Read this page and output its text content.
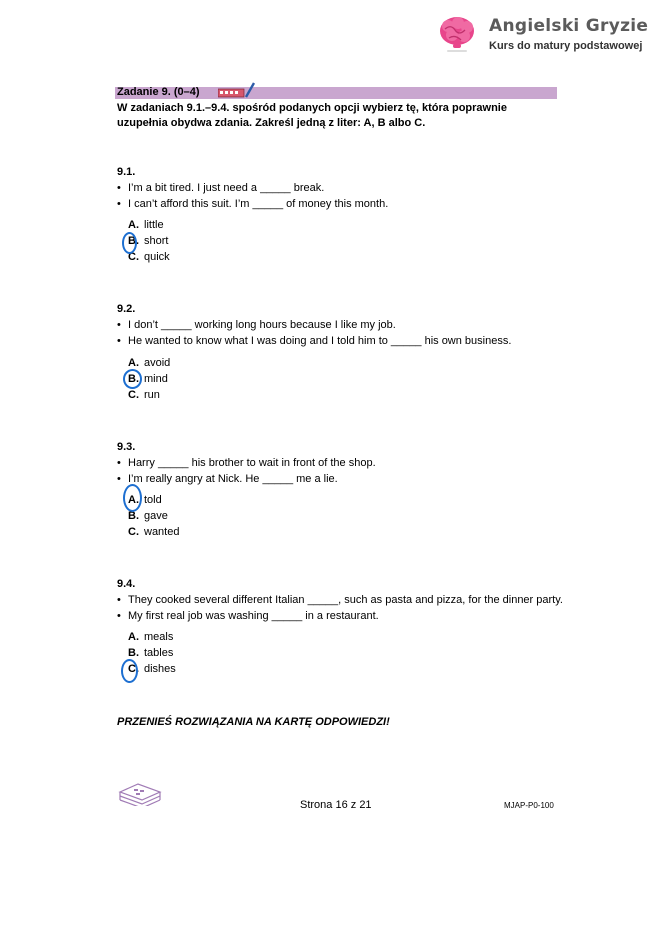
Angielski Gryzie
Kurs do matury podstawowej
Zadanie 9. (0–4)
W zadaniach 9.1.–9.4. spośród podanych opcji wybierz tę, która poprawnie uzupełnia obydwa zdania. Zakreśl jedną z liter: A, B albo C.
9.1.
• I’m a bit tired. I just need a _____ break.
• I can’t afford this suit. I’m _____ of money this month.
A. little
B. short
C. quick
9.2.
• I don’t _____ working long hours because I like my job.
• He wanted to know what I was doing and I told him to _____ his own business.
A. avoid
B. mind
C. run
9.3.
• Harry _____ his brother to wait in front of the shop.
• I’m really angry at Nick. He _____ me a lie.
A. told
B. gave
C. wanted
9.4.
• They cooked several different Italian _____, such as pasta and pizza, for the dinner party.
• My first real job was washing _____ in a restaurant.
A. meals
B. tables
C. dishes
PRZENIEŚ ROZWIĄZANIA NA KARTĘ ODPOWIEDZI!
Strona 16 z 21	MJAP-P0-100
